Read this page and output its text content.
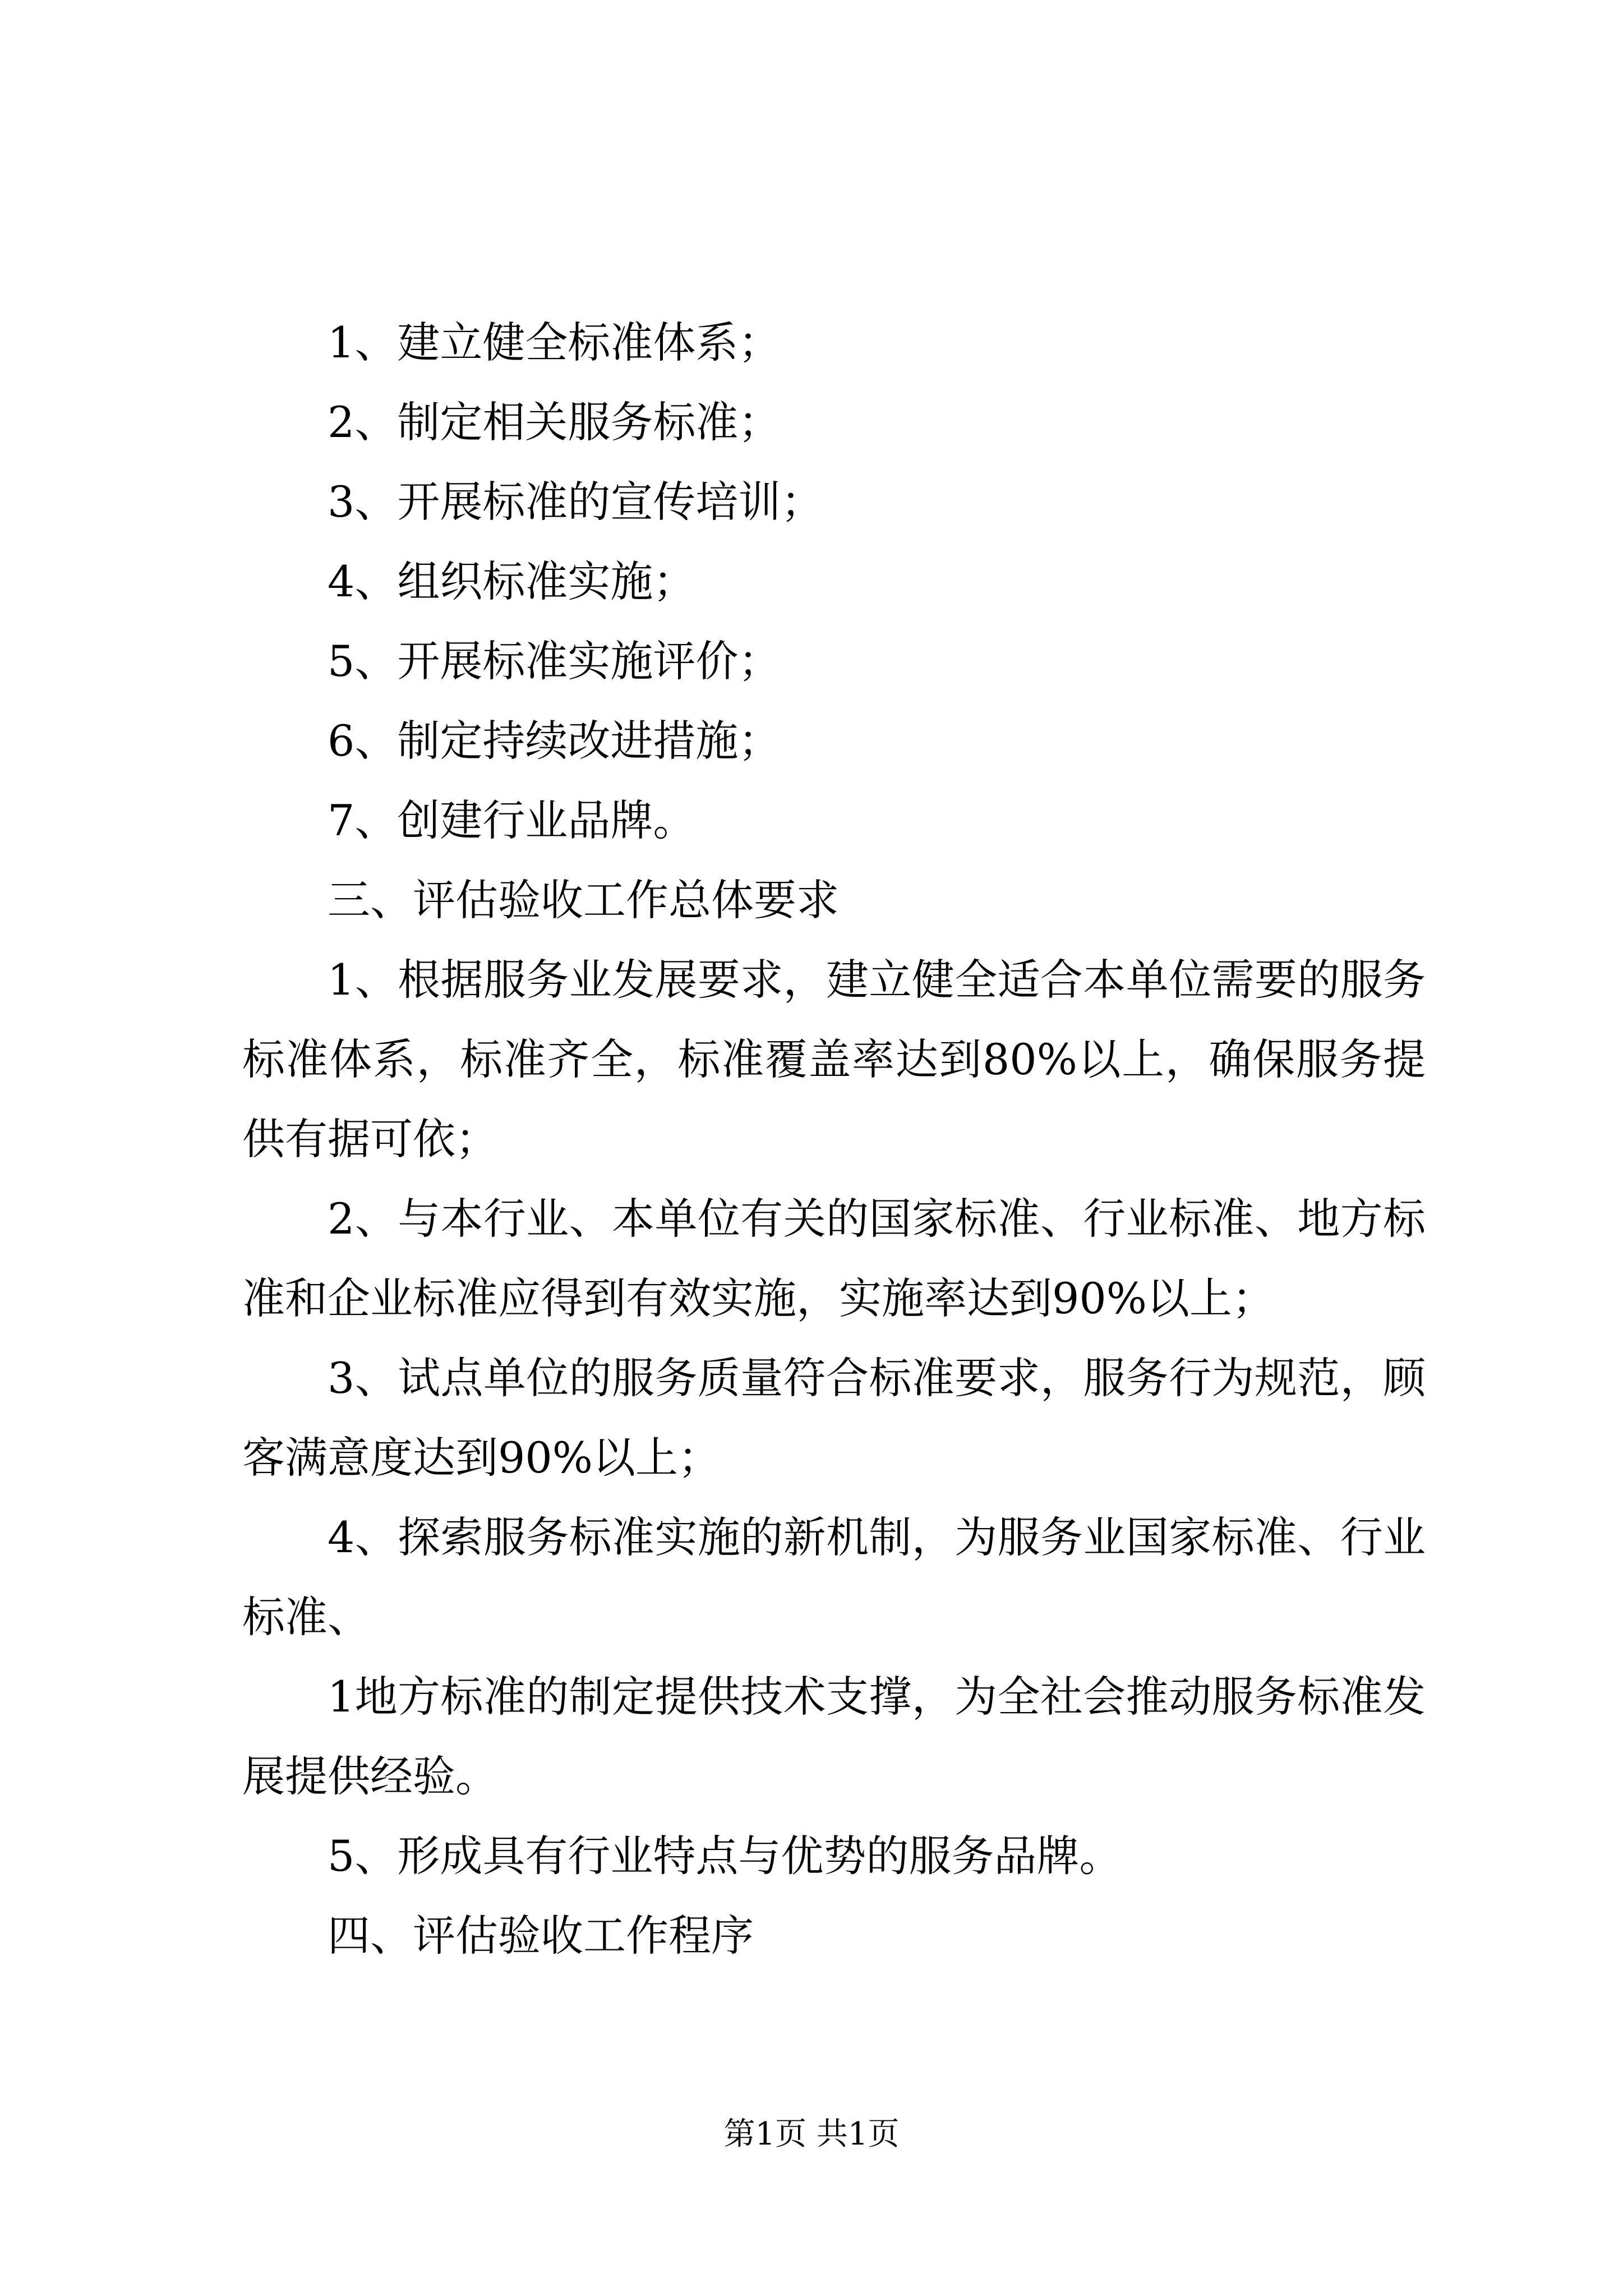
1、建立健全标准体系；

2、制定相关服务标准；

3、开展标准的宣传培训；

4、组织标准实施；

5、开展标准实施评价；

6、制定持续改进措施；

7、创建行业品牌。

三、评估验收工作总体要求

1、根据服务业发展要求，建立健全适合本单位需要的服务标准体系，标准齐全，标准覆盖率达到80%以上，确保服务提供有据可依；

2、与本行业、本单位有关的国家标准、行业标准、地方标准和企业标准应得到有效实施，实施率达到90%以上；

3、试点单位的服务质量符合标准要求，服务行为规范，顾客满意度达到90%以上；

4、探索服务标准实施的新机制，为服务业国家标准、行业标准、

1地方标准的制定提供技术支撑，为全社会推动服务标准发展提供经验。

5、形成具有行业特点与优势的服务品牌。

四、评估验收工作程序

第1页 共1页
